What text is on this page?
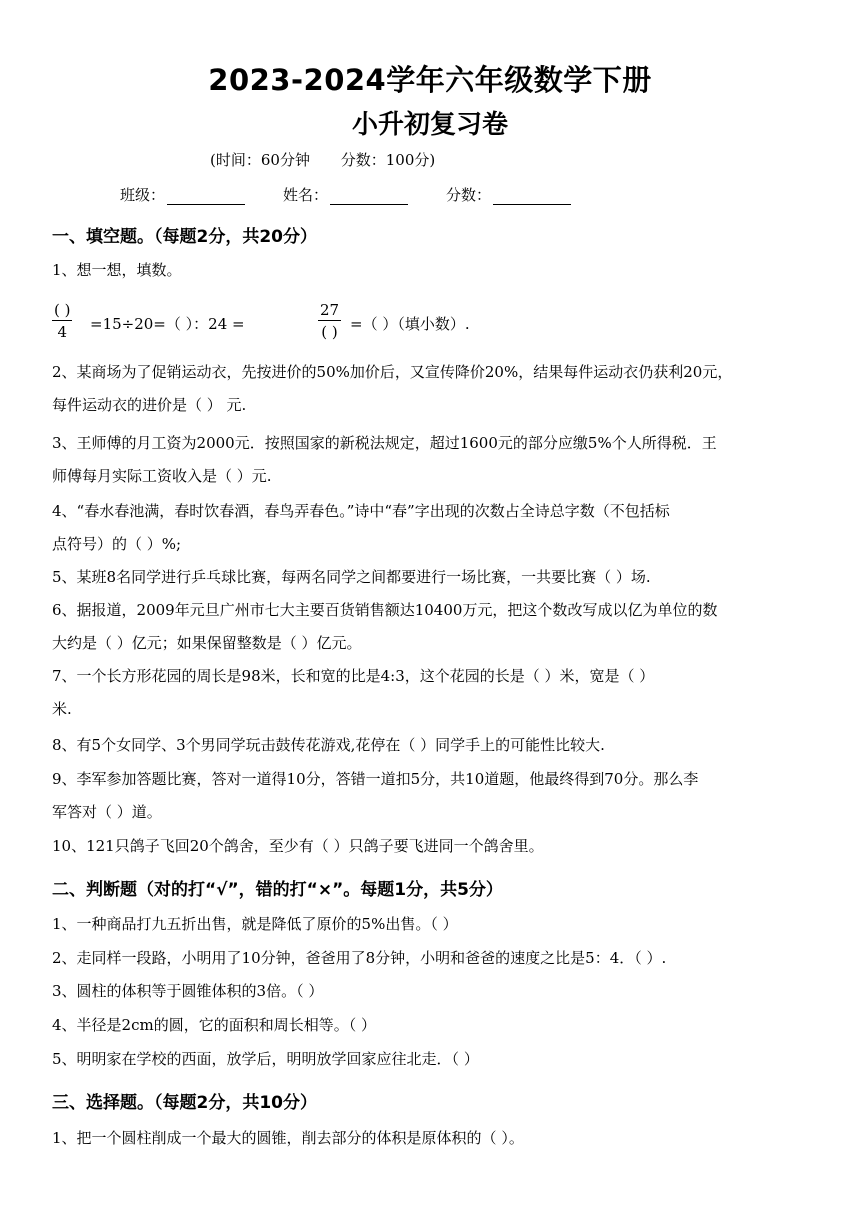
2023-2024学年六年级数学下册
小升初复习卷
(时间：60分钟 分数：100分)
班级：	姓名：	分数：
一、填空题。（每题2分，共20分）
1、想一想，填数。
( )
4	=15÷20=（ ）：24 =
27
( ) =（ ）（填小数）.
2、某商场为了促销运动衣，先按进价的50%加价后，又宣传降价20%，结果每件运动衣仍获利20元，
每件运动衣的进价是（ ） 元.
3、王师傅的月工资为2000元．按照国家的新税法规定，超过1600元的部分应缴5%个人所得税．王
师傅每月实际工资收入是（ ）元.
4、“春水春池满，春时饮春酒，春鸟弄春色。”诗中“春”字出现的次数占全诗总字数（不包括标
点符号）的（ ）%;
5、某班8名同学进行乒乓球比赛，每两名同学之间都要进行一场比赛，一共要比赛（ ）场.
6、据报道，2009年元旦广州市七大主要百货销售额达10400万元，把这个数改写成以亿为单位的数
大约是（ ）亿元；如果保留整数是（ ）亿元。
7、一个长方形花园的周长是98米，长和宽的比是4:3，这个花园的长是（ ）米，宽是（ ）
米.
8、有5个女同学、3个男同学玩击鼓传花游戏,花停在（ ）同学手上的可能性比较大.
9、李军参加答题比赛，答对一道得10分，答错一道扣5分，共10道题，他最终得到70分。那么李
军答对（ ）道。
10、121只鸽子飞回20个鸽舍，至少有（ ）只鸽子要飞进同一个鸽舍里。
二、判断题（对的打“√”，错的打“×”。每题1分，共5分）
1、一种商品打九五折出售，就是降低了原价的5%出售。（ ）
2、走同样一段路，小明用了10分钟，爸爸用了8分钟，小明和爸爸的速度之比是5：4．（ ）.
3、圆柱的体积等于圆锥体积的3倍。（ ）
4、半径是2cm的圆，它的面积和周长相等。（ ）
5、明明家在学校的西面，放学后，明明放学回家应往北走．（ ）
三、选择题。（每题2分，共10分）
1、把一个圆柱削成一个最大的圆锥，削去部分的体积是原体积的（ ）。
